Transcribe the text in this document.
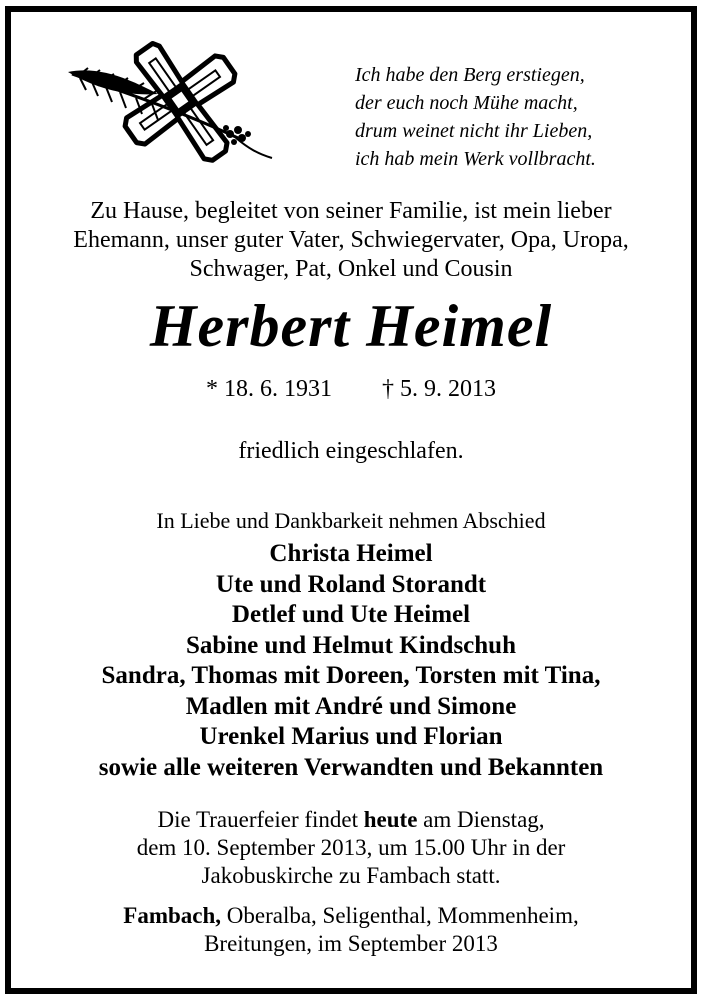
Ich habe den Berg erstiegen,
der euch noch Mühe macht,
drum weinet nicht ihr Lieben,
ich hab mein Werk vollbracht.
Zu Hause, begleitet von seiner Familie, ist mein lieber
Ehemann, unser guter Vater, Schwiegervater, Opa, Uropa,
Schwager, Pat, Onkel und Cousin
Herbert Heimel
* 18. 6. 1931 † 5. 9. 2013
friedlich eingeschlafen.
In Liebe und Dankbarkeit nehmen Abschied
Christa Heimel
Ute und Roland Storandt
Detlef und Ute Heimel
Sabine und Helmut Kindschuh
Sandra, Thomas mit Doreen, Torsten mit Tina,
Madlen mit André und Simone
Urenkel Marius und Florian
sowie alle weiteren Verwandten und Bekannten
Die Trauerfeier findet heute am Dienstag,
dem 10. September 2013, um 15.00 Uhr in der
Jakobuskirche zu Fambach statt.
Fambach, Oberalba, Seligenthal, Mommenheim,
Breitungen, im September 2013
